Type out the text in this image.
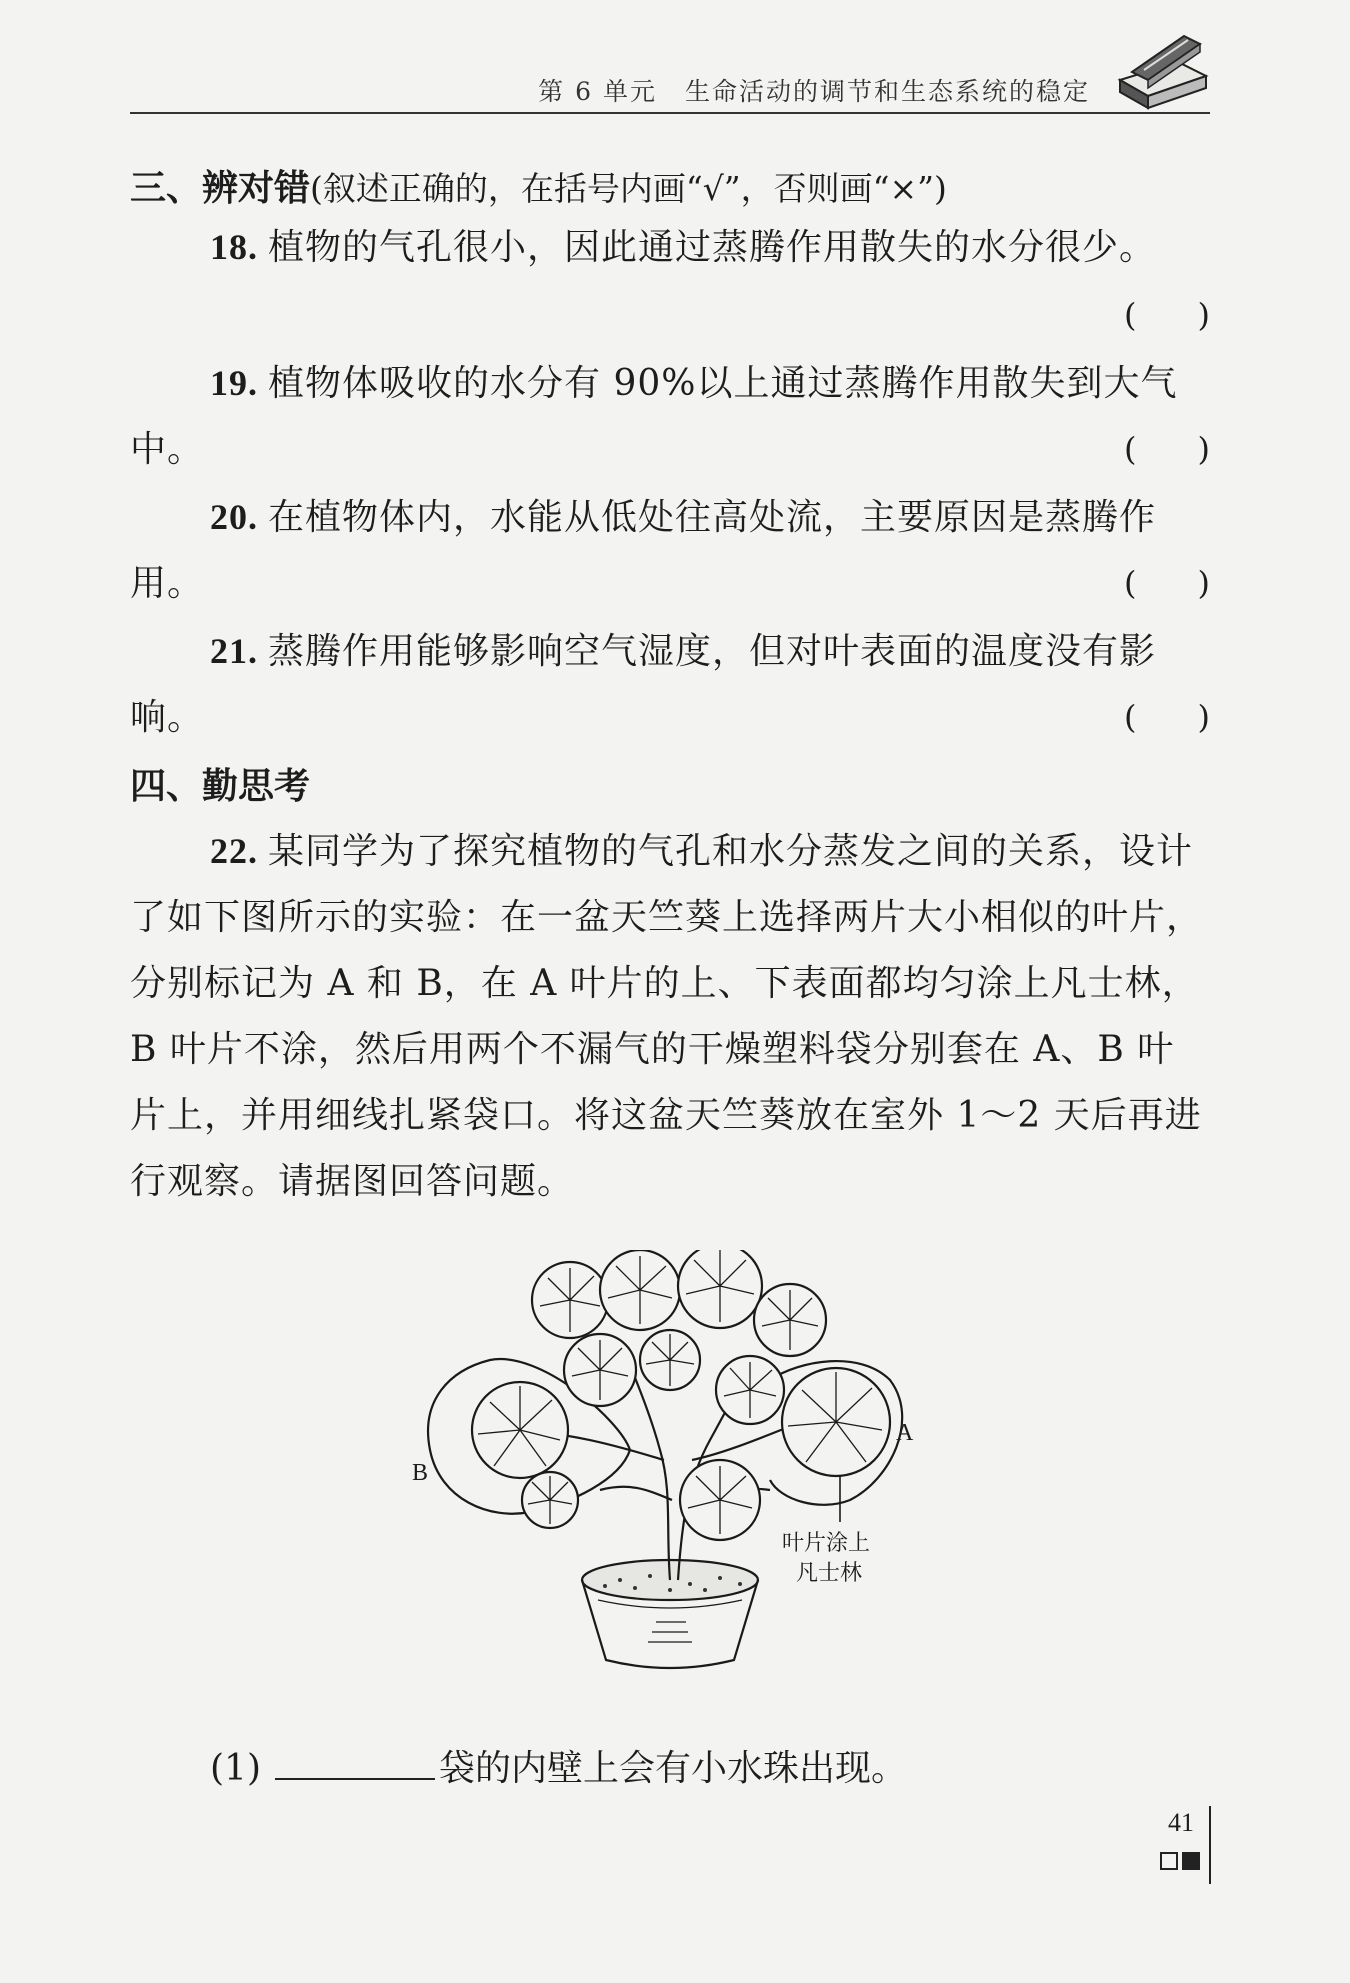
第 6 单元 生命活动的调节和生态系统的稳定
三、辨对错(叙述正确的，在括号内画“√”，否则画“×”)
18. 植物的气孔很小，因此通过蒸腾作用散失的水分很少。
(      )
19. 植物体吸收的水分有 90%以上通过蒸腾作用散失到大气中。	(      )
20. 在植物体内，水能从低处往高处流，主要原因是蒸腾作用。	(      )
21. 蒸腾作用能够影响空气湿度，但对叶表面的温度没有影响。	(      )
四、勤思考
22. 某同学为了探究植物的气孔和水分蒸发之间的关系，设计了如下图所示的实验：在一盆天竺葵上选择两片大小相似的叶片，分别标记为 A 和 B，在 A 叶片的上、下表面都均匀涂上凡士林，B 叶片不涂，然后用两个不漏气的干燥塑料袋分别套在 A、B 叶片上，并用细线扎紧袋口。将这盆天竺葵放在室外 1～2 天后再进行观察。请据图回答问题。
A
B
叶片涂上
凡士林
(1)	袋的内壁上会有小水珠出现。
41
